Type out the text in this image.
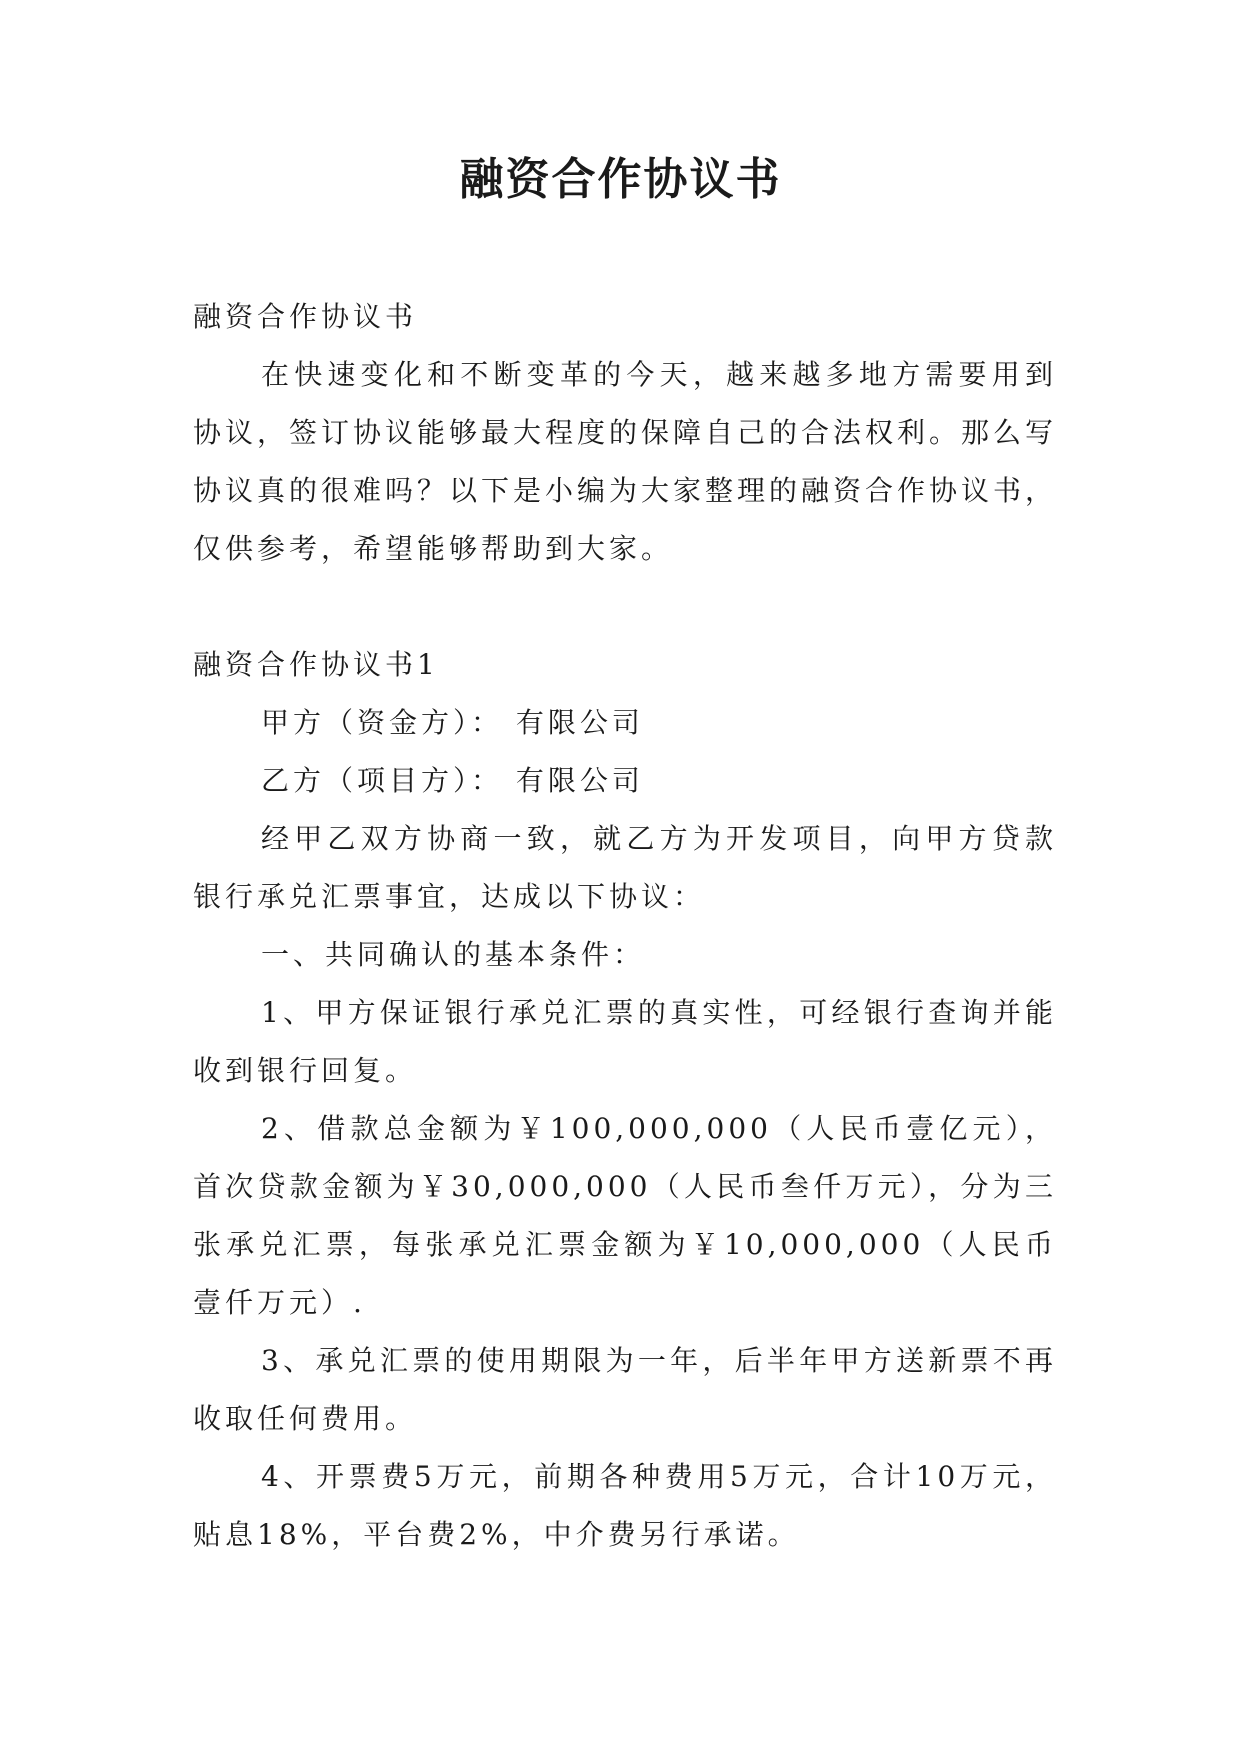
融资合作协议书

融资合作协议书

在快速变化和不断变革的今天，越来越多地方需要用到协议，签订协议能够最大程度的保障自己的合法权利。那么写协议真的很难吗？以下是小编为大家整理的融资合作协议书，仅供参考，希望能够帮助到大家。

融资合作协议书1

甲方（资金方）： 有限公司

乙方（项目方）： 有限公司

经甲乙双方协商一致，就乙方为开发项目，向甲方贷款银行承兑汇票事宜，达成以下协议：

一、共同确认的基本条件：

1、甲方保证银行承兑汇票的真实性，可经银行查询并能收到银行回复。

2、借款总金额为￥100,000,000（人民币壹亿元），首次贷款金额为￥30,000,000（人民币叁仟万元），分为三张承兑汇票，每张承兑汇票金额为￥10,000,000（人民币壹仟万元）.

3、承兑汇票的使用期限为一年，后半年甲方送新票不再收取任何费用。

4、开票费5万元，前期各种费用5万元，合计10万元，贴息18%，平台费2%，中介费另行承诺。
